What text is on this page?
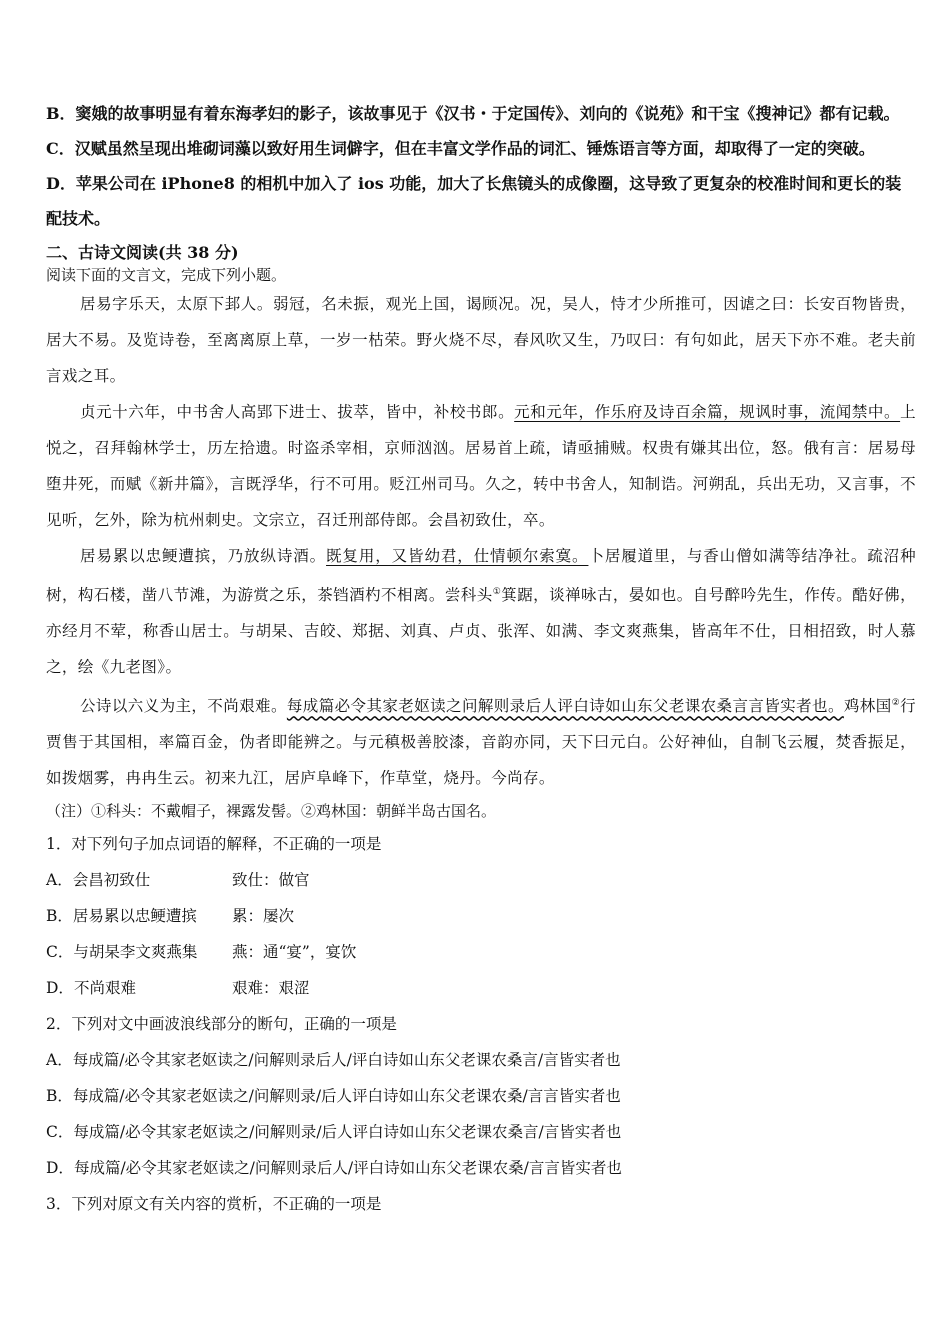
B．窦娥的故事明显有着东海孝妇的影子，该故事见于《汉书・于定国传》、刘向的《说苑》和干宝《搜神记》都有记载。

C．汉赋虽然呈现出堆砌词藻以致好用生词僻字，但在丰富文学作品的词汇、锤炼语言等方面，却取得了一定的突破。

D．苹果公司在 iPhone8 的相机中加入了 ios 功能，加大了长焦镜头的成像圈，这导致了更复杂的校准时间和更长的装配技术。

二、古诗文阅读(共 38 分)

阅读下面的文言文，完成下列小题。

居易字乐天，太原下邽人。弱冠，名未振，观光上国，谒顾况。况，吴人，恃才少所推可，因谑之曰：长安百物皆贵，居大不易。及览诗卷，至离离原上草，一岁一枯荣。野火烧不尽，春风吹又生，乃叹曰：有句如此，居天下亦不难。老夫前言戏之耳。

贞元十六年，中书舍人高郢下进士、拔萃，皆中，补校书郎。元和元年，作乐府及诗百余篇，规讽时事，流闻禁中。上悦之，召拜翰林学士，历左拾遗。时盗杀宰相，京师汹汹。居易首上疏，请亟捕贼。权贵有嫌其出位，怒。俄有言：居易母堕井死，而赋《新井篇》，言既浮华，行不可用。贬江州司马。久之，转中书舍人，知制诰。河朔乱，兵出无功，又言事，不见听，乞外，除为杭州刺史。文宗立，召迁刑部侍郎。会昌初致仕，卒。

居易累以忠鲠遭摈，乃放纵诗酒。既复用，又皆幼君，仕情顿尔索寞。卜居履道里，与香山僧如满等结净社。疏沼种树，构石楼，凿八节滩，为游赏之乐，茶铛酒杓不相离。尝科头①箕踞，谈禅咏古，晏如也。自号醉吟先生，作传。酷好佛，亦经月不荤，称香山居士。与胡杲、吉皎、郑据、刘真、卢贞、张浑、如满、李文爽燕集，皆高年不仕，日相招致，时人慕之，绘《九老图》。

公诗以六义为主，不尚艰难。每成篇必令其家老妪读之问解则录后人评白诗如山东父老课农桑言言皆实者也。鸡林国②行贾售于其国相，率篇百金，伪者即能辨之。与元稹极善胶漆，音韵亦同，天下曰元白。公好神仙，自制飞云履，焚香振足，如拨烟雾，冉冉生云。初来九江，居庐阜峰下，作草堂，烧丹。今尚存。

（注）①科头：不戴帽子，裸露发髻。②鸡林国：朝鲜半岛古国名。

1．对下列句子加点词语的解释，不正确的一项是

A．会昌初致仕	致仕：做官
B．居易累以忠鲠遭摈	累：屡次
C．与胡杲李文爽燕集	燕：通“宴”，宴饮
D．不尚艰难	艰难：艰涩

2．下列对文中画波浪线部分的断句，正确的一项是

A．每成篇/必令其家老妪读之/问解则录后人/评白诗如山东父老课农桑言/言皆实者也

B．每成篇/必令其家老妪读之/问解则录/后人评白诗如山东父老课农桑/言言皆实者也

C．每成篇/必令其家老妪读之/问解则录/后人评白诗如山东父老课农桑言/言皆实者也

D．每成篇/必令其家老妪读之/问解则录后人/评白诗如山东父老课农桑/言言皆实者也

3．下列对原文有关内容的赏析，不正确的一项是
